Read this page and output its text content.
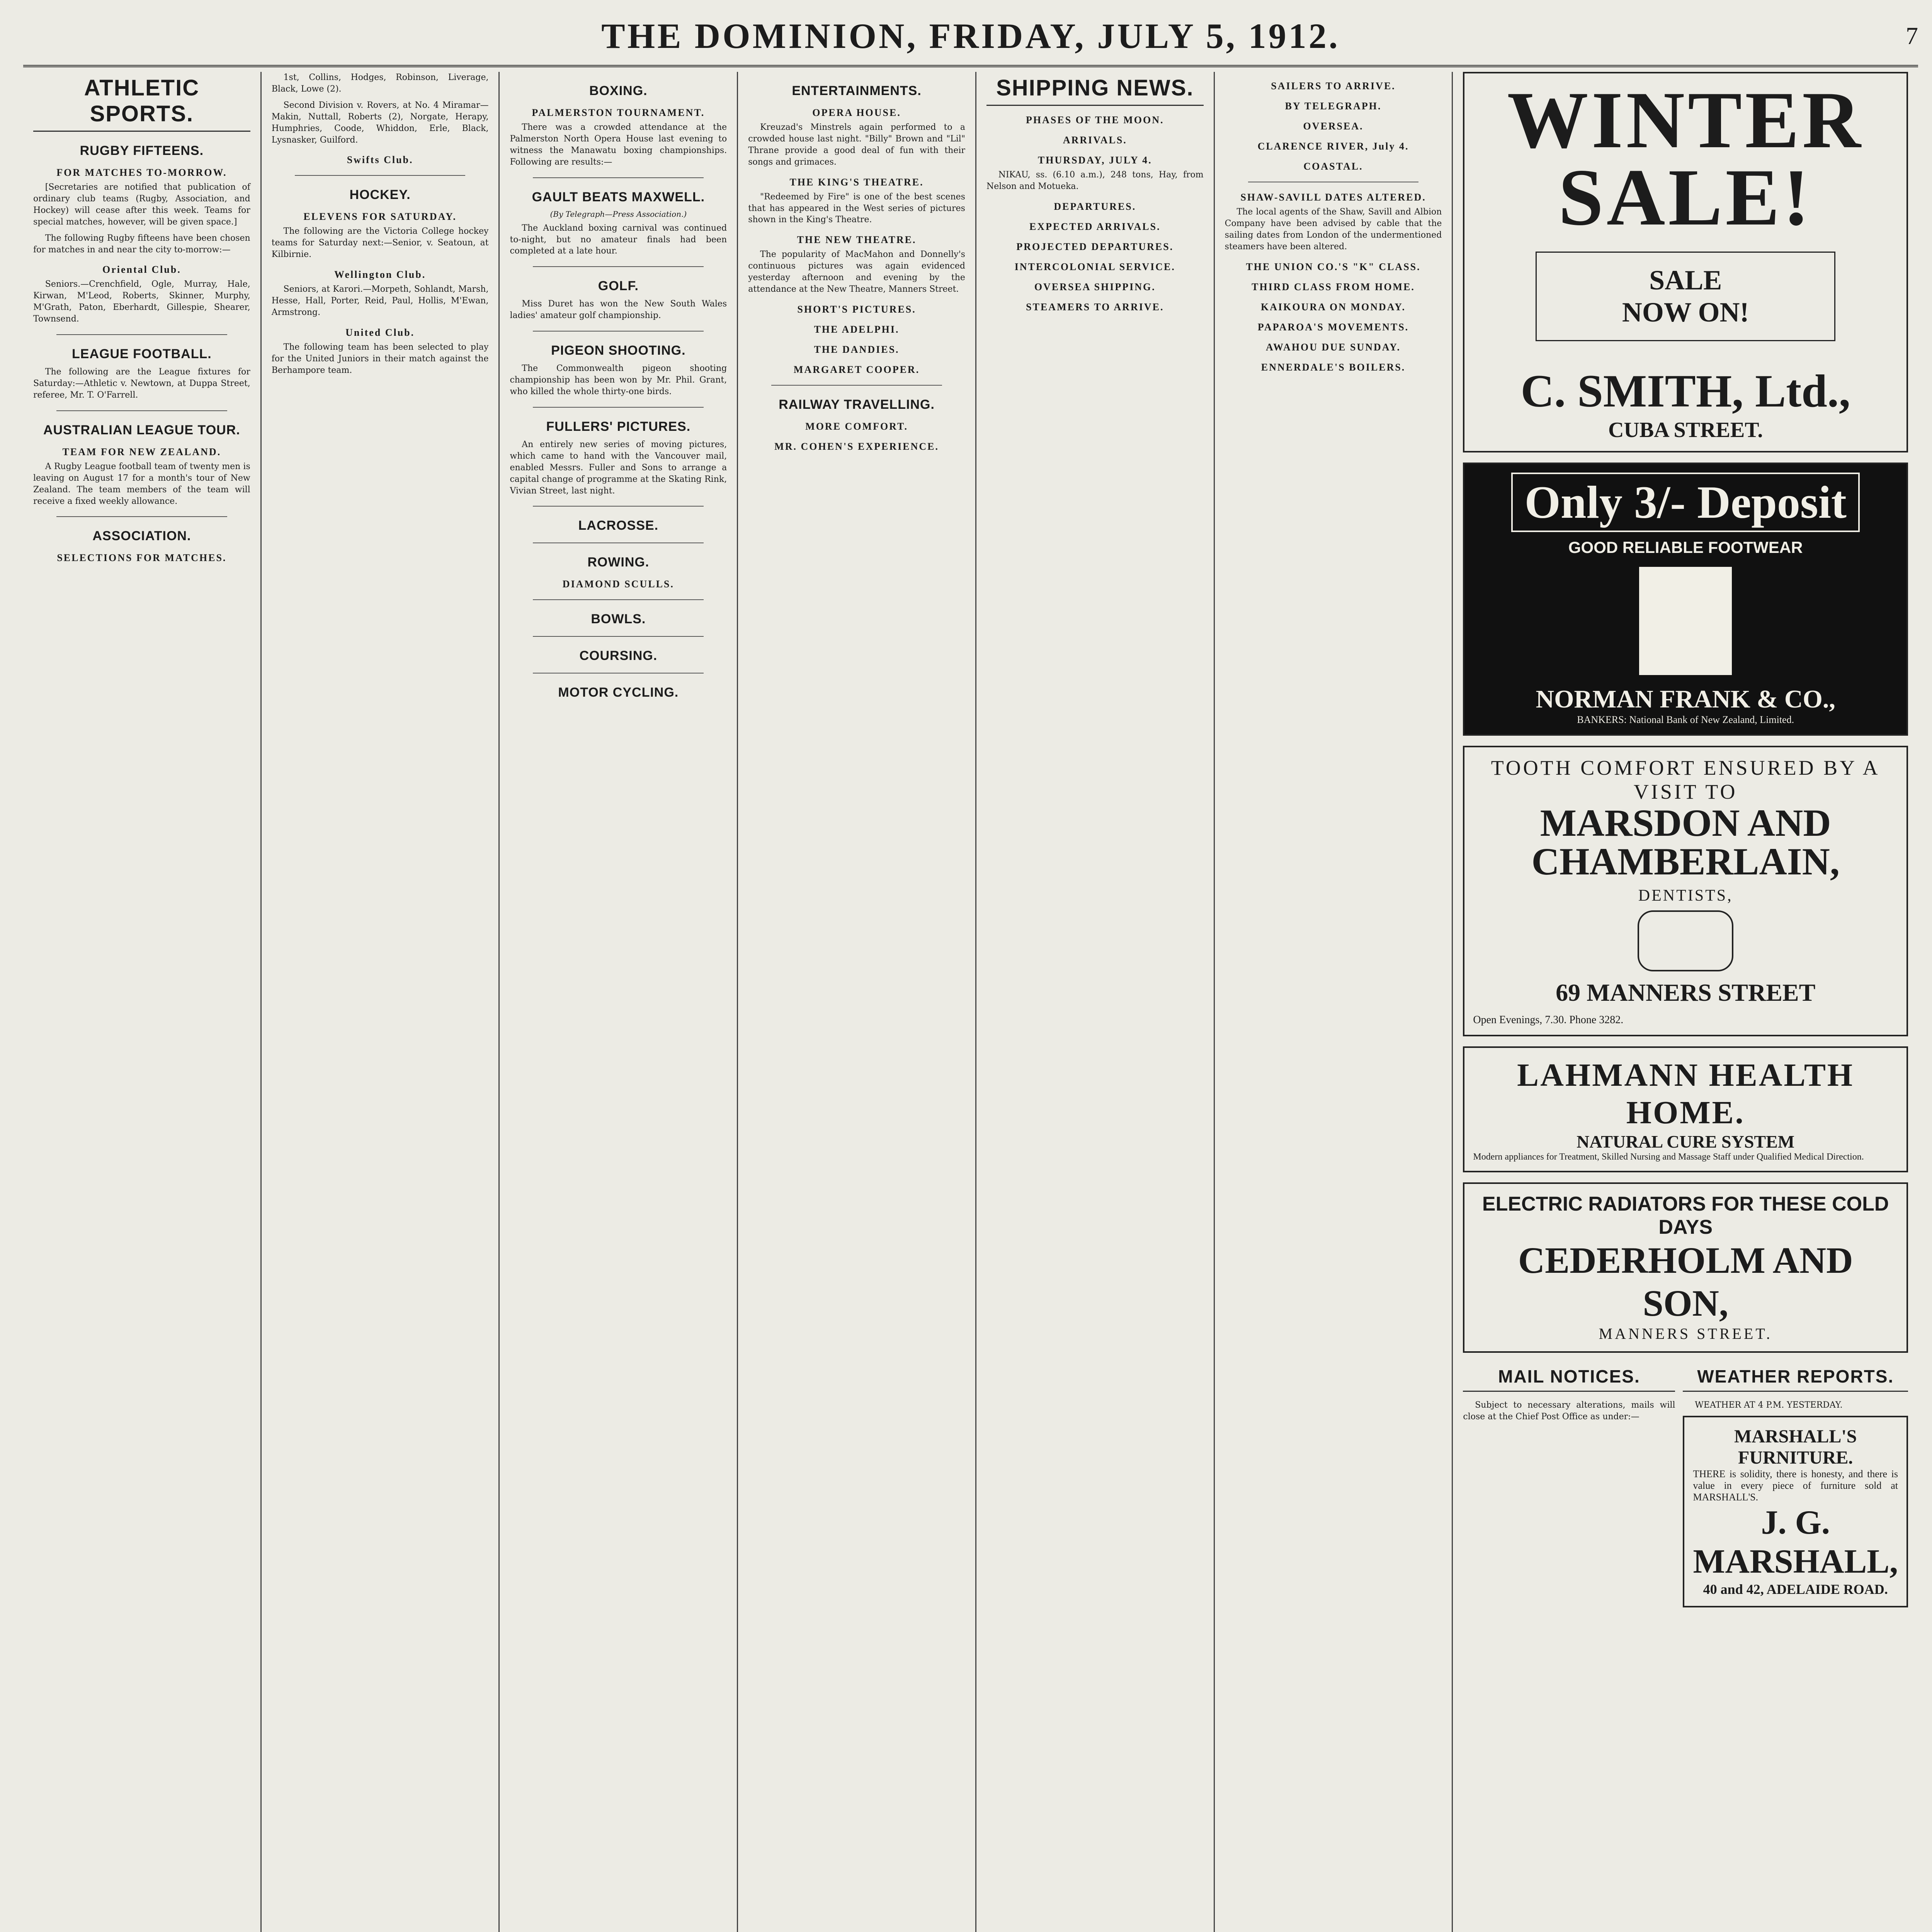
THE DOMINION, FRIDAY, JULY 5, 1912.	7
ATHLETIC SPORTS.
RUGBY FIFTEENS.
FOR MATCHES TO-MORROW.

[Secretaries are notified that publication of ordinary club teams (Rugby, Association, and Hockey) will cease after this week. Teams for special matches, however, will be given space.]

The following Rugby fifteens have been chosen for matches in and near the city to-morrow:—

Oriental Club.

Seniors.—Crenchfield, Ogle, Murray, Hale, Kirwan, M'Leod, Roberts, Skinner, Murphy, M'Grath, Paton, Eberhardt, Gillespie, Shearer, Townsend.

LEAGUE FOOTBALL.

The following are the League fixtures for Saturday:—Athletic v. Newtown, at Duppa Street, referee, Mr. T. O'Farrell.

AUSTRALIAN LEAGUE TOUR.
TEAM FOR NEW ZEALAND.

A Rugby League football team of twenty men is leaving on August 17 for a month's tour of New Zealand. The team members of the team will receive a fixed weekly allowance.

ASSOCIATION.
SELECTIONS FOR MATCHES.

1st, Collins, Hodges, Robinson, Liverage, Black, Lowe (2).

Second Division v. Rovers, at No. 4 Miramar—Makin, Nuttall, Roberts (2), Norgate, Herapy, Humphries, Coode, Whiddon, Erle, Black, Lysnasker, Guilford.

Swifts Club.
HOCKEY.
ELEVENS FOR SATURDAY.

The following are the Victoria College hockey teams for Saturday next:—Senior, v. Seatoun, at Kilbirnie.

Wellington Club.

Seniors, at Karori.—Morpeth, Sohlandt, Marsh, Hesse, Hall, Porter, Reid, Paul, Hollis, M'Ewan, Armstrong.

United Club.

The following team has been selected to play for the United Juniors in their match against the Berhampore team.

BOXING.
PALMERSTON TOURNAMENT.

There was a crowded attendance at the Palmerston North Opera House last evening to witness the Manawatu boxing championships. Following are results:—

GAULT BEATS MAXWELL.
(By Telegraph—Press Association.)

The Auckland boxing carnival was continued to-night, but no amateur finals had been completed at a late hour.

GOLF.

Miss Duret has won the New South Wales ladies' amateur golf championship.

PIGEON SHOOTING.

The Commonwealth pigeon shooting championship has been won by Mr. Phil. Grant, who killed the whole thirty-one birds.

FULLERS' PICTURES.

An entirely new series of moving pictures, which came to hand with the Vancouver mail, enabled Messrs. Fuller and Sons to arrange a capital change of programme at the Skating Rink, Vivian Street, last night.

LACROSSE.
ROWING.
DIAMOND SCULLS.
BOWLS.
COURSING.
MOTOR CYCLING.
ENTERTAINMENTS.
OPERA HOUSE.

Kreuzad's Minstrels again performed to a crowded house last night. "Billy" Brown and "Lil" Thrane provide a good deal of fun with their songs and grimaces.

THE KING'S THEATRE.

"Redeemed by Fire" is one of the best scenes that has appeared in the West series of pictures shown in the King's Theatre.

THE NEW THEATRE.

The popularity of MacMahon and Donnelly's continuous pictures was again evidenced yesterday afternoon and evening by the attendance at the New Theatre, Manners Street.

SHORT'S PICTURES.
THE ADELPHI.
THE DANDIES.
MARGARET COOPER.
RAILWAY TRAVELLING.
MORE COMFORT.
MR. COHEN'S EXPERIENCE.
SHIPPING NEWS.
PHASES OF THE MOON.
ARRIVALS.
THURSDAY, JULY 4.

NIKAU, ss. (6.10 a.m.), 248 tons, Hay, from Nelson and Motueka.

DEPARTURES.
EXPECTED ARRIVALS.
PROJECTED DEPARTURES.
INTERCOLONIAL SERVICE.
OVERSEA SHIPPING.
STEAMERS TO ARRIVE.
SAILERS TO ARRIVE.
BY TELEGRAPH.
OVERSEA.
CLARENCE RIVER, July 4.
COASTAL.
SHAW-SAVILL DATES ALTERED.

The local agents of the Shaw, Savill and Albion Company have been advised by cable that the sailing dates from London of the undermentioned steamers have been altered.

THE UNION CO.'S "K" CLASS.
THIRD CLASS FROM HOME.
KAIKOURA ON MONDAY.
PAPAROA'S MOVEMENTS.
AWAHOU DUE SUNDAY.
ENNERDALE'S BOILERS.
WINTER SALE!
SALE
NOW ON!
C. SMITH, Ltd.,
CUBA STREET.
Only 3/- Deposit
GOOD RELIABLE FOOTWEAR
NORMAN FRANK & CO.,
BANKERS: National Bank of New Zealand, Limited.
TOOTH COMFORT ENSURED BY A VISIT TO
MARSDON AND CHAMBERLAIN,
DENTISTS,
69 MANNERS STREET
Open Evenings, 7.30. Phone 3282.
LAHMANN HEALTH HOME.
NATURAL CURE SYSTEM
Modern appliances for Treatment, Skilled Nursing and Massage Staff under Qualified Medical Direction.
ELECTRIC RADIATORS FOR THESE COLD DAYS
CEDERHOLM AND SON,
MANNERS STREET.
MAIL NOTICES.

Subject to necessary alterations, mails will close at the Chief Post Office as under:—

WEATHER REPORTS.

WEATHER AT 4 P.M. YESTERDAY.

MARSHALL'S FURNITURE.
THERE is solidity, there is honesty, and there is value in every piece of furniture sold at MARSHALL'S.
J. G. MARSHALL,
40 and 42, ADELAIDE ROAD.
